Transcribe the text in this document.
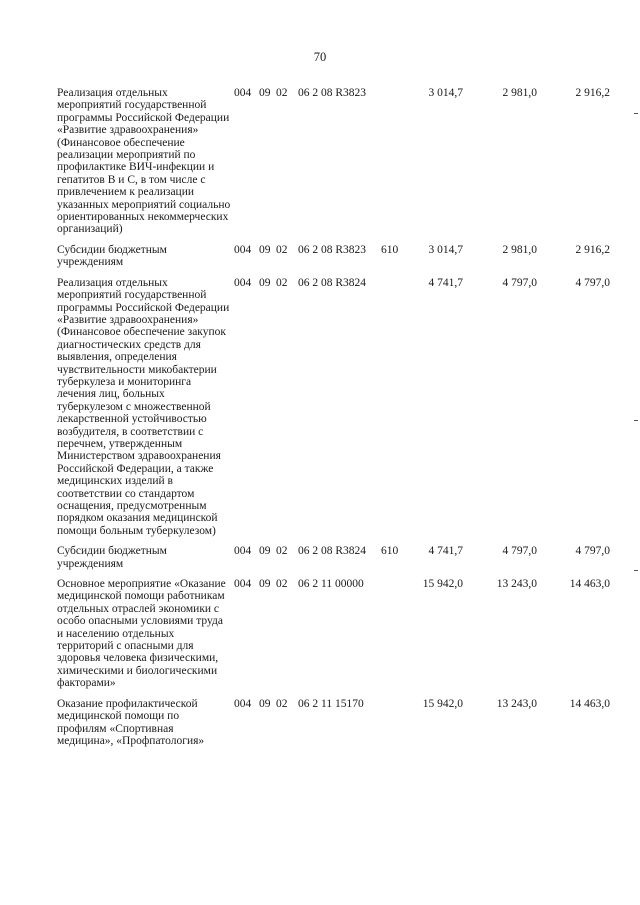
70
Реализация отдельных мероприятий государственной программы Российской Федерации «Развитие здравоохранения» (Финансовое обеспечение реализации мероприятий по профилактике ВИЧ-инфекции и гепатитов B и C, в том числе с привлечением к реализации указанных мероприятий социально ориентированных некоммерческих организаций)
004 09 02 06 2 08 R3823	3 014,7	2 981,0	2 916,2
Субсидии бюджетным учреждениям
004 09 02 06 2 08 R3823	610	3 014,7	2 981,0	2 916,2
Реализация отдельных мероприятий государственной программы Российской Федерации «Развитие здравоохранения» (Финансовое обеспечение закупок диагностических средств для выявления, определения чувствительности микобактерии туберкулеза и мониторинга лечения лиц, больных туберкулезом с множественной лекарственной устойчивостью возбудителя, в соответствии с перечнем, утвержденным Министерством здравоохранения Российской Федерации, а также медицинских изделий в соответствии со стандартом оснащения, предусмотренным порядком оказания медицинской помощи больным туберкулезом)
004 09 02 06 2 08 R3824	4 741,7	4 797,0	4 797,0
Субсидии бюджетным учреждениям
004 09 02 06 2 08 R3824	610	4 741,7	4 797,0	4 797,0
Основное мероприятие «Оказание медицинской помощи работникам отдельных отраслей экономики с особо опасными условиями труда и населению отдельных территорий с опасными для здоровья человека физическими, химическими и биологическими факторами»
004 09 02 06 2 11 00000	15 942,0	13 243,0	14 463,0
Оказание профилактической медицинской помощи по профилям «Спортивная медицина», «Профпатология»
004 09 02 06 2 11 15170	15 942,0	13 243,0	14 463,0
